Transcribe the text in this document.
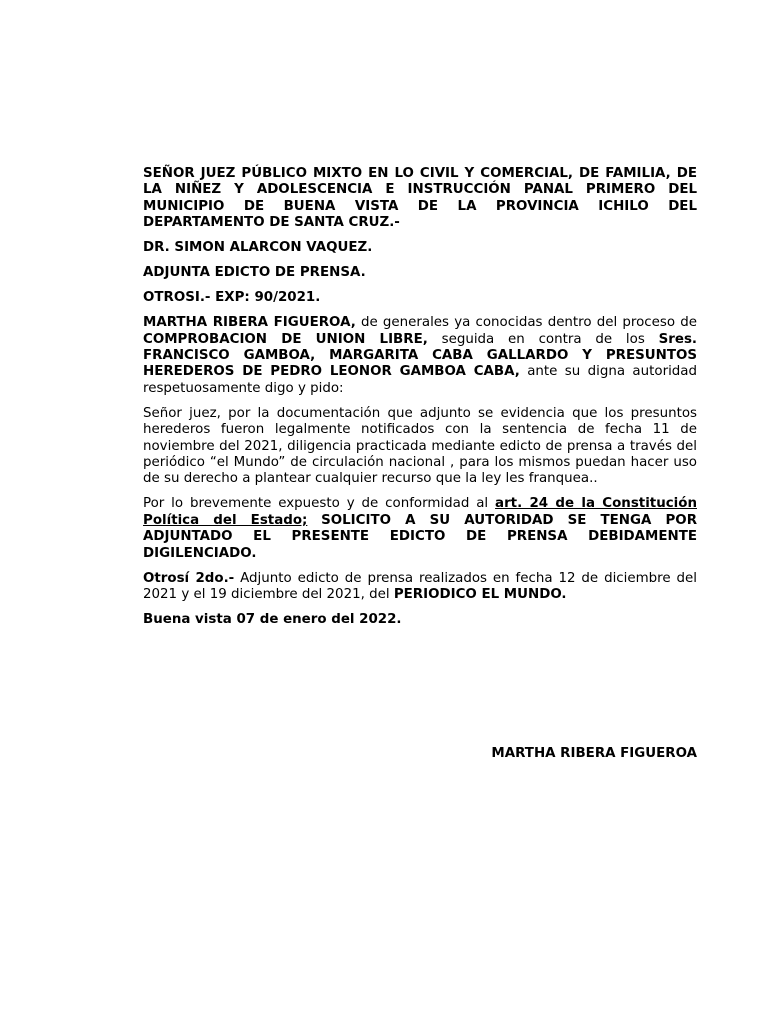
SEÑOR JUEZ PÚBLICO MIXTO EN LO CIVIL Y COMERCIAL, DE FAMILIA, DE LA NIÑEZ Y ADOLESCENCIA E INSTRUCCIÓN PANAL PRIMERO DEL MUNICIPIO DE BUENA VISTA DE LA PROVINCIA ICHILO DEL DEPARTAMENTO DE SANTA CRUZ.-

DR. SIMON ALARCON VAQUEZ.

ADJUNTA EDICTO DE PRENSA.

OTROSI.- EXP: 90/2021.

MARTHA RIBERA FIGUEROA, de generales ya conocidas dentro del proceso de COMPROBACION DE UNION LIBRE, seguida en contra de los Sres. FRANCISCO GAMBOA, MARGARITA CABA GALLARDO Y PRESUNTOS HEREDEROS DE PEDRO LEONOR GAMBOA CABA, ante su digna autoridad respetuosamente digo y pido:

Señor juez, por la documentación que adjunto se evidencia que los presuntos herederos fueron legalmente notificados con la sentencia de fecha 11 de noviembre del 2021, diligencia practicada mediante edicto de prensa a través del periódico “el Mundo” de circulación nacional , para los mismos puedan hacer uso de su derecho a plantear cualquier recurso que la ley les franquea..

Por lo brevemente expuesto y de conformidad al art. 24 de la Constitución Política del Estado; SOLICITO A SU AUTORIDAD SE TENGA POR ADJUNTADO EL PRESENTE EDICTO DE PRENSA DEBIDAMENTE DIGILENCIADO.

Otrosí 2do.- Adjunto edicto de prensa realizados en fecha 12 de diciembre del 2021 y el 19 diciembre del 2021, del PERIODICO EL MUNDO.

Buena vista 07 de enero del 2022.

MARTHA RIBERA FIGUEROA
